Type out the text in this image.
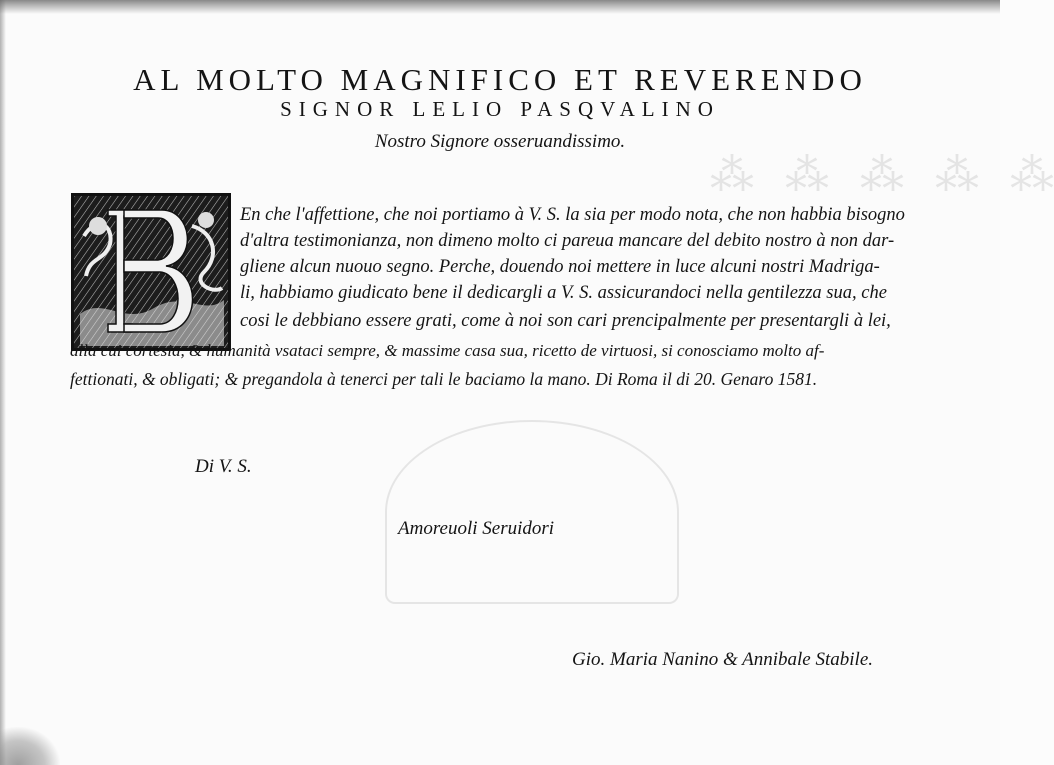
⁂ ⁂ ⁂ ⁂ ⁂
AL MOLTO MAGNIFICO ET REVERENDO
SIGNOR LELIO PASQVALINO
Nostro Signore osseruandissimo.
En che l'affettione, che noi portiamo à V. S. la sia per modo nota, che non habbia bisogno
d'altra testimonianza, non dimeno molto ci pareua mancare del debito nostro à non dar-
gliene alcun nuouo segno. Perche, douendo noi mettere in luce alcuni nostri Madriga-
li, habbiamo giudicato bene il dedicargli a V. S. assicurandoci nella gentilezza sua, che
cosi le debbiano essere grati, come à noi son cari prencipalmente per presentargli à lei,
alla cui cortesia, & humanità vsataci sempre, & massime casa sua, ricetto de virtuosi, si conosciamo molto af-
fettionati, & obligati; & pregandola à tenerci per tali le baciamo la mano. Di Roma il di 20. Genaro 1581.
Di V. S.
Amoreuoli Seruidori
Gio. Maria Nanino & Annibale Stabile.
